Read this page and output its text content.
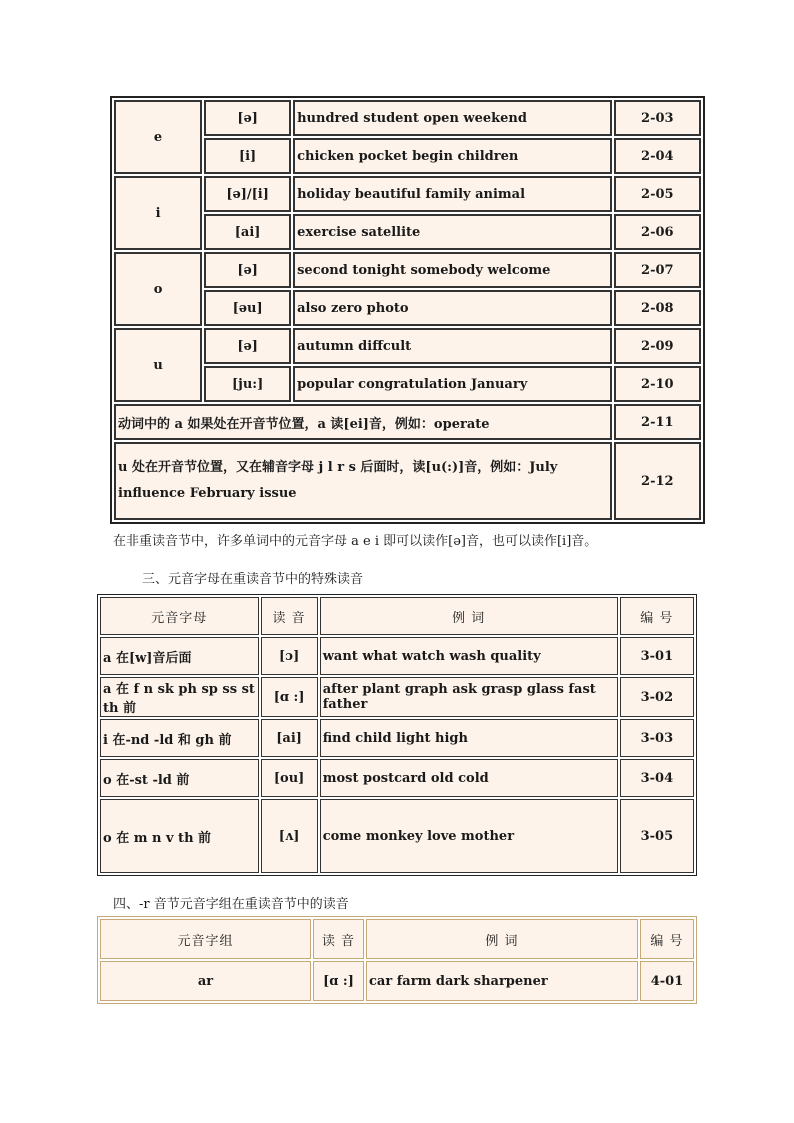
e	[ə]	hundred student open weekend	2-03
	[i]	chicken pocket begin children	2-04
i	[ə]/[i]	holiday beautiful family animal	2-05
	[ai]	exercise satellite	2-06
o	[ə]	second tonight somebody welcome	2-07
	[əu]	also zero photo	2-08
u	[ə]	autumn diffcult	2-09
	[ju:]	popular congratulation January	2-10
动词中的 a 如果处在开音节位置，a 读[ei]音，例如：operate			2-11
u 处在开音节位置，又在辅音字母 j l r s 后面时，读[u(:)]音，例如：July influence February issue			2-12
在非重读音节中，许多单词中的元音字母 a e i 即可以读作[ə]音，也可以读作[i]音。
三、元音字母在重读音节中的特殊读音
元音字母	读 音	例 词	编 号
a 在[w]音后面	[ɔ]	want what watch wash quality	3-01
a 在 f n sk ph sp ss st th 前	[ɑ :]	after plant graph ask grasp glass fast father	3-02
i 在-nd -ld 和 gh 前	[ai]	find child light high	3-03
o 在-st -ld 前	[ou]	most postcard old cold	3-04
o 在 m n v th 前	[ʌ]	come monkey love mother	3-05
四、-r 音节元音字组在重读音节中的读音
元音字组	读 音	例 词	编 号
ar	[ɑ :]	car farm dark sharpener	4-01
